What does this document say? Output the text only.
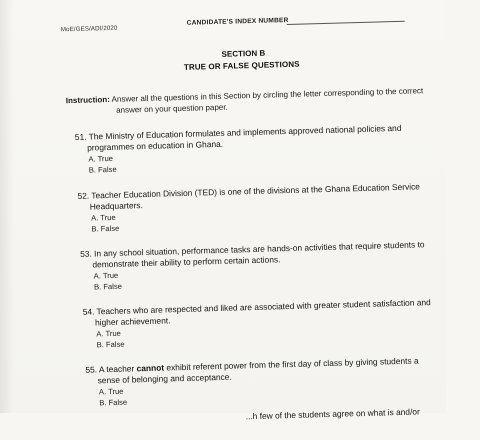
MoE/GES/ADI/2020
CANDIDATE'S INDEX NUMBER
SECTION B
TRUE OR FALSE QUESTIONS
Instruction: Answer all the questions in this Section by circling the letter corresponding to the correct
answer on your question paper.
51. The Ministry of Education formulates and implements approved national policies and
programmes on education in Ghana.
A. True
B. False
52. Teacher Education Division (TED) is one of the divisions at the Ghana Education Service
Headquarters.
A. True
B. False
53. In any school situation, performance tasks are hands-on activities that require students to
demonstrate their ability to perform certain actions.
A. True
B. False
54. Teachers who are respected and liked are associated with greater student satisfaction and
higher achievement.
A. True
B. False
55. A teacher cannot exhibit referent power from the first day of class by giving students a
sense of belonging and acceptance.
A. True
B. False
...h few of the students agree on what is and/or
